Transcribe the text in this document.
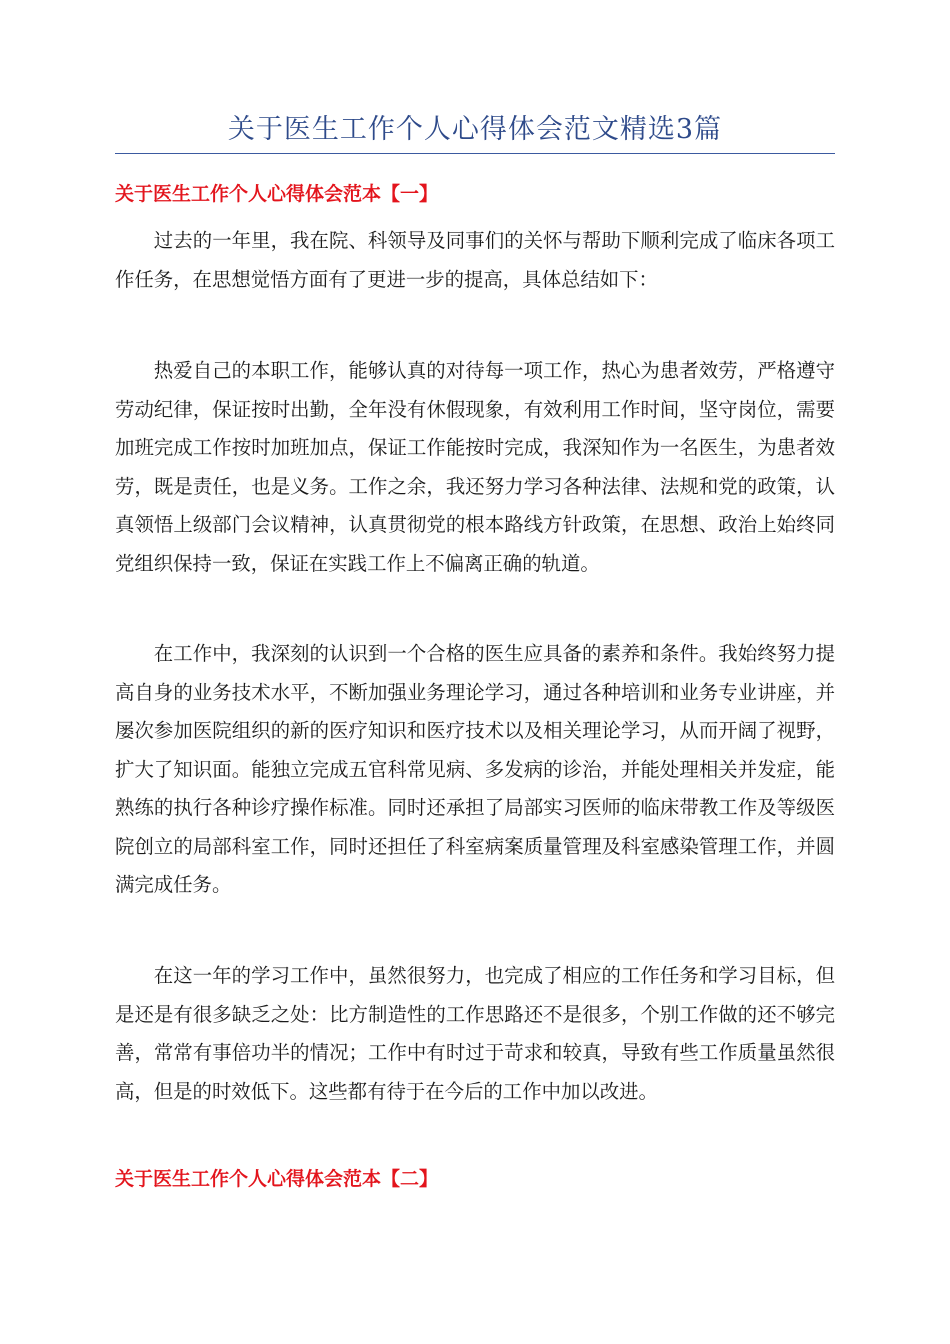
关于医生工作个人心得体会范文精选3篇
关于医生工作个人心得体会范本【一】

过去的一年里，我在院、科领导及同事们的关怀与帮助下顺利完成了临床各项工作任务，在思想觉悟方面有了更进一步的提高，具体总结如下：

热爱自己的本职工作，能够认真的对待每一项工作，热心为患者效劳，严格遵守劳动纪律，保证按时出勤，全年没有休假现象，有效利用工作时间，坚守岗位，需要加班完成工作按时加班加点，保证工作能按时完成，我深知作为一名医生，为患者效劳，既是责任，也是义务。工作之余，我还努力学习各种法律、法规和党的政策，认真领悟上级部门会议精神，认真贯彻党的根本路线方针政策，在思想、政治上始终同党组织保持一致，保证在实践工作上不偏离正确的轨道。

在工作中，我深刻的认识到一个合格的医生应具备的素养和条件。我始终努力提高自身的业务技术水平，不断加强业务理论学习，通过各种培训和业务专业讲座，并屡次参加医院组织的新的医疗知识和医疗技术以及相关理论学习，从而开阔了视野，扩大了知识面。能独立完成五官科常见病、多发病的诊治，并能处理相关并发症，能熟练的执行各种诊疗操作标准。同时还承担了局部实习医师的临床带教工作及等级医院创立的局部科室工作，同时还担任了科室病案质量管理及科室感染管理工作，并圆满完成任务。

在这一年的学习工作中，虽然很努力，也完成了相应的工作任务和学习目标，但是还是有很多缺乏之处：比方制造性的工作思路还不是很多，个别工作做的还不够完善，常常有事倍功半的情况；工作中有时过于苛求和较真，导致有些工作质量虽然很高，但是的时效低下。这些都有待于在今后的工作中加以改进。

关于医生工作个人心得体会范本【二】
